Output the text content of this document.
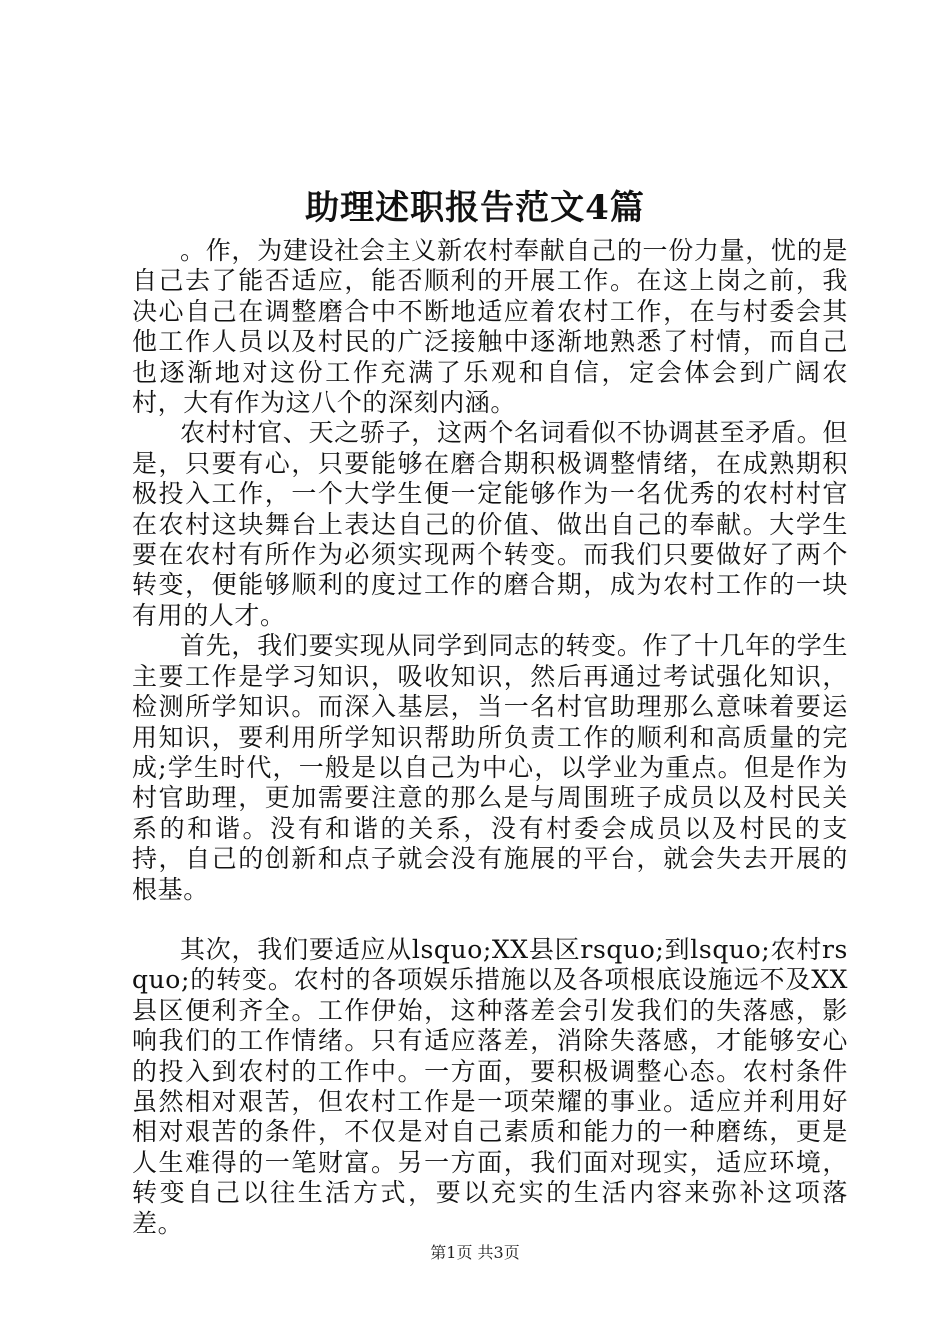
助理述职报告范文4篇

。作，为建设社会主义新农村奉献自己的一份力量，忧的是自己去了能否适应，能否顺利的开展工作。在这上岗之前，我决心自己在调整磨合中不断地适应着农村工作，在与村委会其他工作人员以及村民的广泛接触中逐渐地熟悉了村情，而自己也逐渐地对这份工作充满了乐观和自信，定会体会到广阔农村，大有作为这八个的深刻内涵。

农村村官、天之骄子，这两个名词看似不协调甚至矛盾。但是，只要有心，只要能够在磨合期积极调整情绪，在成熟期积极投入工作，一个大学生便一定能够作为一名优秀的农村村官在农村这块舞台上表达自己的价值、做出自己的奉献。大学生要在农村有所作为必须实现两个转变。而我们只要做好了两个转变，便能够顺利的度过工作的磨合期，成为农村工作的一块有用的人才。

首先，我们要实现从同学到同志的转变。作了十几年的学生主要工作是学习知识，吸收知识，然后再通过考试强化知识，检测所学知识。而深入基层，当一名村官助理那么意味着要运用知识，要利用所学知识帮助所负责工作的顺利和高质量的完成;学生时代，一般是以自己为中心，以学业为重点。但是作为村官助理，更加需要注意的那么是与周围班子成员以及村民关系的和谐。没有和谐的关系，没有村委会成员以及村民的支持，自己的创新和点子就会没有施展的平台，就会失去开展的根基。

其次，我们要适应从lsquo;XX县区rsquo;到lsquo;农村rsquo;的转变。农村的各项娱乐措施以及各项根底设施远不及XX县区便利齐全。工作伊始，这种落差会引发我们的失落感，影响我们的工作情绪。只有适应落差，消除失落感，才能够安心的投入到农村的工作中。一方面，要积极调整心态。农村条件虽然相对艰苦，但农村工作是一项荣耀的事业。适应并利用好相对艰苦的条件，不仅是对自己素质和能力的一种磨练，更是人生难得的一笔财富。另一方面，我们面对现实，适应环境，转变自己以往生活方式，要以充实的生活内容来弥补这项落差。

第1页 共3页
